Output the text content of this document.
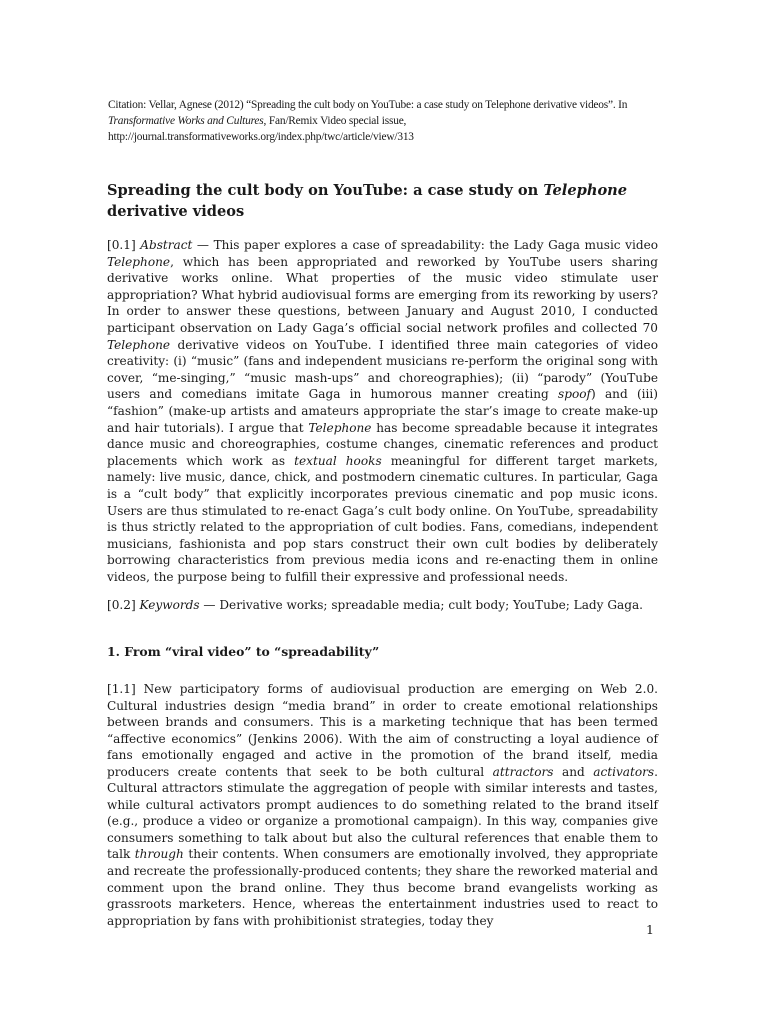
Citation: Vellar, Agnese (2012) “Spreading the cult body on YouTube: a case study on Telephone derivative videos”. In Transformative Works and Cultures, Fan/Remix Video special issue, http://journal.transformativeworks.org/index.php/twc/article/view/313
Spreading the cult body on YouTube: a case study on Telephone derivative videos

[0.1] Abstract — This paper explores a case of spreadability: the Lady Gaga music video Telephone, which has been appropriated and reworked by YouTube users sharing derivative works online. What properties of the music video stimulate user appropriation? What hybrid audiovisual forms are emerging from its reworking by users? In order to answer these questions, between January and August 2010, I conducted participant observation on Lady Gaga’s official social network profiles and collected 70 Telephone derivative videos on YouTube. I identified three main categories of video creativity: (i) “music” (fans and independent musicians re-perform the original song with cover, “me-singing,” “music mash-ups” and choreographies); (ii) “parody” (YouTube users and comedians imitate Gaga in humorous manner creating spoof) and (iii) “fashion” (make-up artists and amateurs appropriate the star’s image to create make-up and hair tutorials). I argue that Telephone has become spreadable because it integrates dance music and choreographies, costume changes, cinematic references and product placements which work as textual hooks meaningful for different target markets, namely: live music, dance, chick, and postmodern cinematic cultures. In particular, Gaga is a “cult body” that explicitly incorporates previous cinematic and pop music icons. Users are thus stimulated to re-enact Gaga’s cult body online. On YouTube, spreadability is thus strictly related to the appropriation of cult bodies. Fans, comedians, independent musicians, fashionista and pop stars construct their own cult bodies by deliberately borrowing characteristics from previous media icons and re-enacting them in online videos, the purpose being to fulfill their expressive and professional needs.

[0.2] Keywords — Derivative works; spreadable media; cult body; YouTube; Lady Gaga.

1. From “viral video” to “spreadability”

[1.1] New participatory forms of audiovisual production are emerging on Web 2.0. Cultural industries design “media brand” in order to create emotional relationships between brands and consumers. This is a marketing technique that has been termed “affective economics” (Jenkins 2006). With the aim of constructing a loyal audience of fans emotionally engaged and active in the promotion of the brand itself, media producers create contents that seek to be both cultural attractors and activators. Cultural attractors stimulate the aggregation of people with similar interests and tastes, while cultural activators prompt audiences to do something related to the brand itself (e.g., produce a video or organize a promotional campaign). In this way, companies give consumers something to talk about but also the cultural references that enable them to talk through their contents. When consumers are emotionally involved, they appropriate and recreate the professionally-produced contents; they share the reworked material and comment upon the brand online. They thus become brand evangelists working as grassroots marketers. Hence, whereas the entertainment industries used to react to appropriation by fans with prohibitionist strategies, today they

1
